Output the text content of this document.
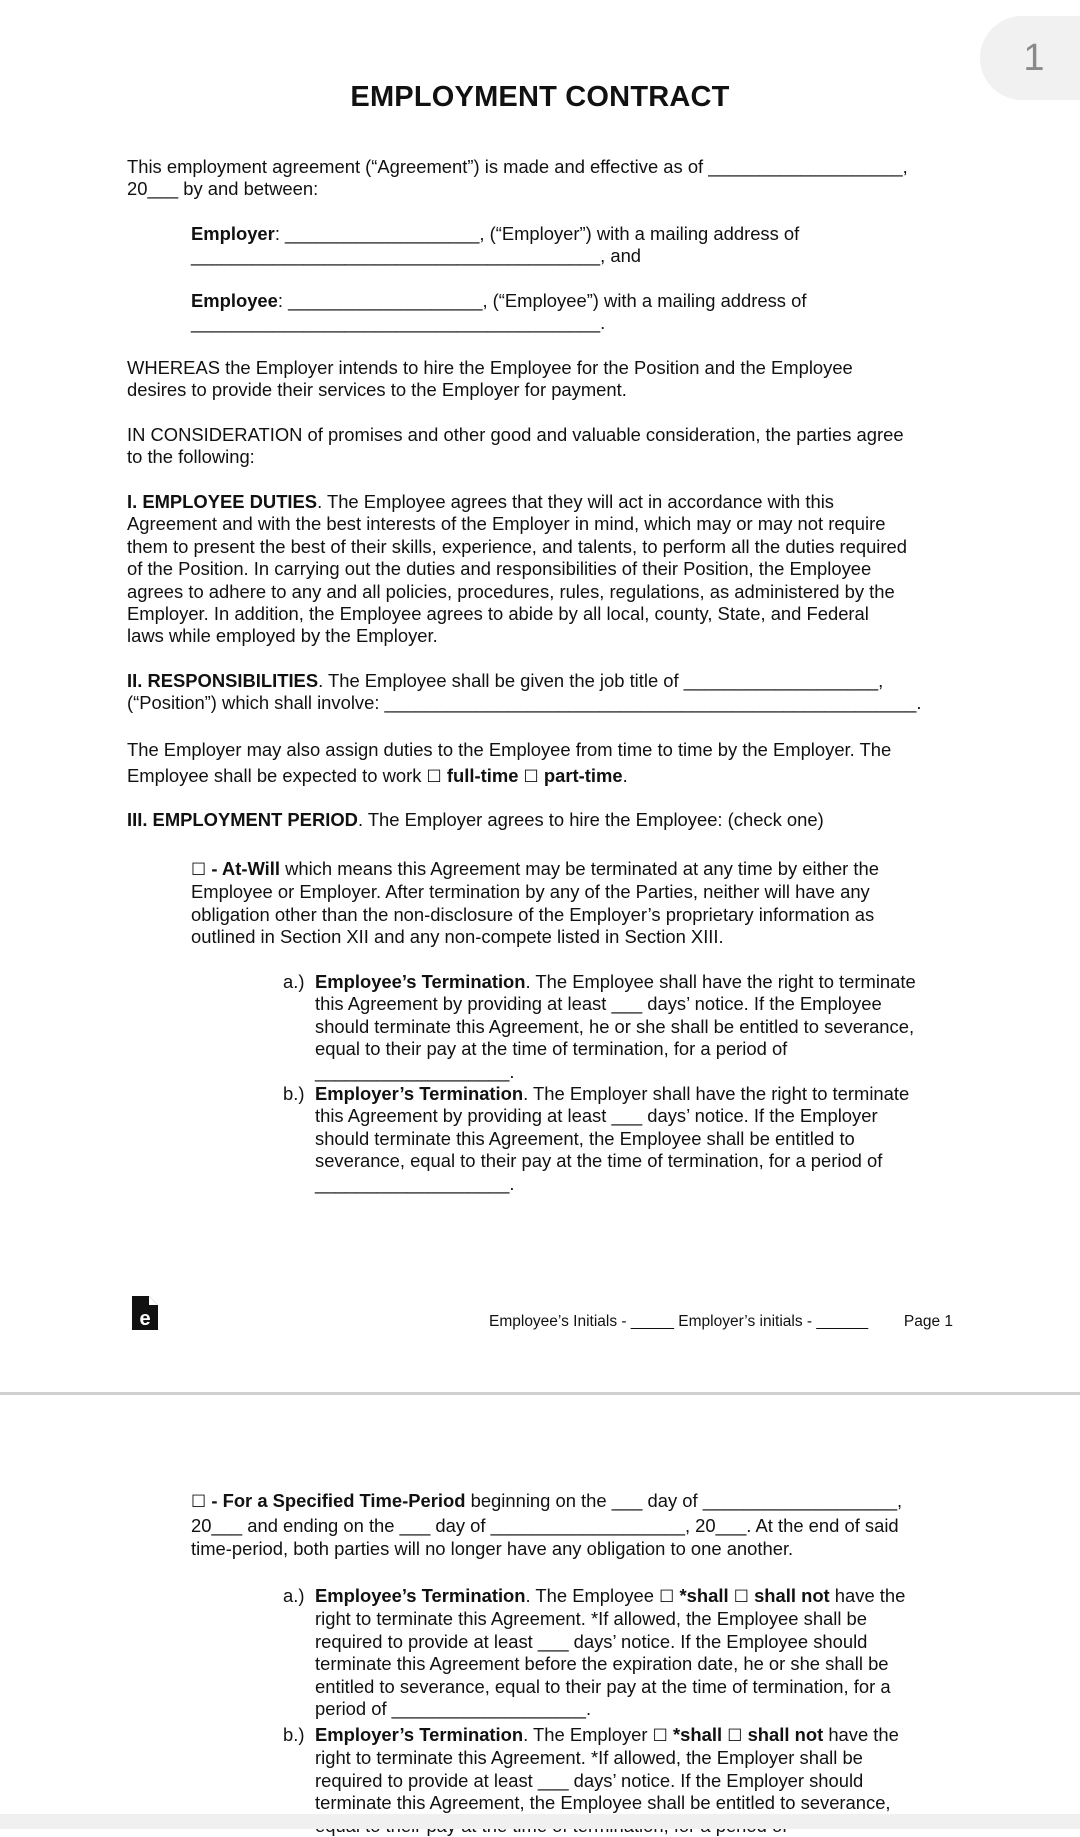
1
EMPLOYMENT CONTRACT
This employment agreement (“Agreement”) is made and effective as of ___________________,
20___ by and between:
Employer: ___________________, (“Employer”) with a mailing address of
________________________________________, and
Employee: ___________________, (“Employee”) with a mailing address of
________________________________________.
WHEREAS the Employer intends to hire the Employee for the Position and the Employee
desires to provide their services to the Employer for payment.
IN CONSIDERATION of promises and other good and valuable consideration, the parties agree
to the following:
I. EMPLOYEE DUTIES. The Employee agrees that they will act in accordance with this
Agreement and with the best interests of the Employer in mind, which may or may not require
them to present the best of their skills, experience, and talents, to perform all the duties required
of the Position. In carrying out the duties and responsibilities of their Position, the Employee
agrees to adhere to any and all policies, procedures, rules, regulations, as administered by the
Employer. In addition, the Employee agrees to abide by all local, county, State, and Federal
laws while employed by the Employer.
II. RESPONSIBILITIES. The Employee shall be given the job title of ___________________,
(“Position”) which shall involve: ____________________________________________________.
The Employer may also assign duties to the Employee from time to time by the Employer. The
Employee shall be expected to work ☐ full-time ☐ part-time.
III. EMPLOYMENT PERIOD. The Employer agrees to hire the Employee: (check one)
☐ - At-Will which means this Agreement may be terminated at any time by either the
Employee or Employer. After termination by any of the Parties, neither will have any
obligation other than the non-disclosure of the Employer’s proprietary information as
outlined in Section XII and any non-compete listed in Section XIII.
a.) Employee’s Termination. The Employee shall have the right to terminate
this Agreement by providing at least ___ days’ notice. If the Employee
should terminate this Agreement, he or she shall be entitled to severance,
equal to their pay at the time of termination, for a period of
___________________.
b.) Employer’s Termination. The Employer shall have the right to terminate
this Agreement by providing at least ___ days’ notice. If the Employer
should terminate this Agreement, the Employee shall be entitled to
severance, equal to their pay at the time of termination, for a period of
___________________.
Employee’s Initials - _____ Employer’s initials - ______ Page 1
☐ - For a Specified Time-Period beginning on the ___ day of ___________________,
20___ and ending on the ___ day of ___________________, 20___. At the end of said
time-period, both parties will no longer have any obligation to one another.
a.) Employee’s Termination. The Employee ☐ *shall ☐ shall not have the
right to terminate this Agreement. *If allowed, the Employee shall be
required to provide at least ___ days’ notice. If the Employee should
terminate this Agreement before the expiration date, he or she shall be
entitled to severance, equal to their pay at the time of termination, for a
period of ___________________.
b.) Employer’s Termination. The Employer ☐ *shall ☐ shall not have the
right to terminate this Agreement. *If allowed, the Employer shall be
required to provide at least ___ days’ notice. If the Employer should
terminate this Agreement, the Employee shall be entitled to severance,
e
